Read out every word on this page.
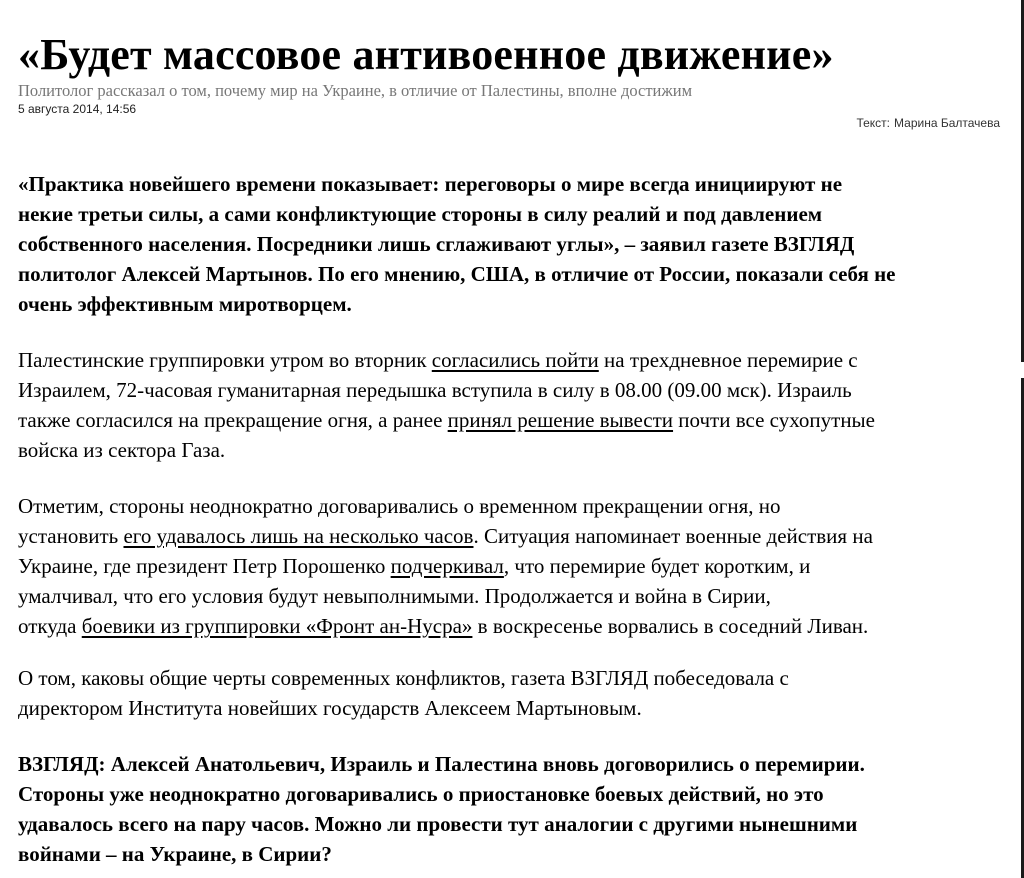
«Будет массовое антивоенное движение»
Политолог рассказал о том, почему мир на Украине, в отличие от Палестины, вполне достижим
5 августа 2014, 14:56
Текст: Марина Балтачева

«Практика новейшего времени показывает: переговоры о мире всегда инициируют не
некие третьи силы, а сами конфликтующие стороны в силу реалий и под давлением
собственного населения. Посредники лишь сглаживают углы», – заявил газете ВЗГЛЯД
политолог Алексей Мартынов. По его мнению, США, в отличие от России, показали себя не
очень эффективным миротворцем.

Палестинские группировки утром во вторник согласились пойти на трехдневное перемирие с
Израилем, 72-часовая гуманитарная передышка вступила в силу в 08.00 (09.00 мск). Израиль
также согласился на прекращение огня, а ранее принял решение вывести почти все сухопутные
войска из сектора Газа.

Отметим, стороны неоднократно договаривались о временном прекращении огня, но
установить его удавалось лишь на несколько часов. Ситуация напоминает военные действия на
Украине, где президент Петр Порошенко подчеркивал, что перемирие будет коротким, и
умалчивал, что его условия будут невыполнимыми. Продолжается и война в Сирии,
откуда боевики из группировки «Фронт ан-Нусра» в воскресенье ворвались в соседний Ливан.

О том, каковы общие черты современных конфликтов, газета ВЗГЛЯД побеседовала с
директором Института новейших государств Алексеем Мартыновым.

ВЗГЛЯД: Алексей Анатольевич, Израиль и Палестина вновь договорились о перемирии.
Стороны уже неоднократно договаривались о приостановке боевых действий, но это
удавалось всего на пару часов. Можно ли провести тут аналогии с другими нынешними
войнами – на Украине, в Сирии?
